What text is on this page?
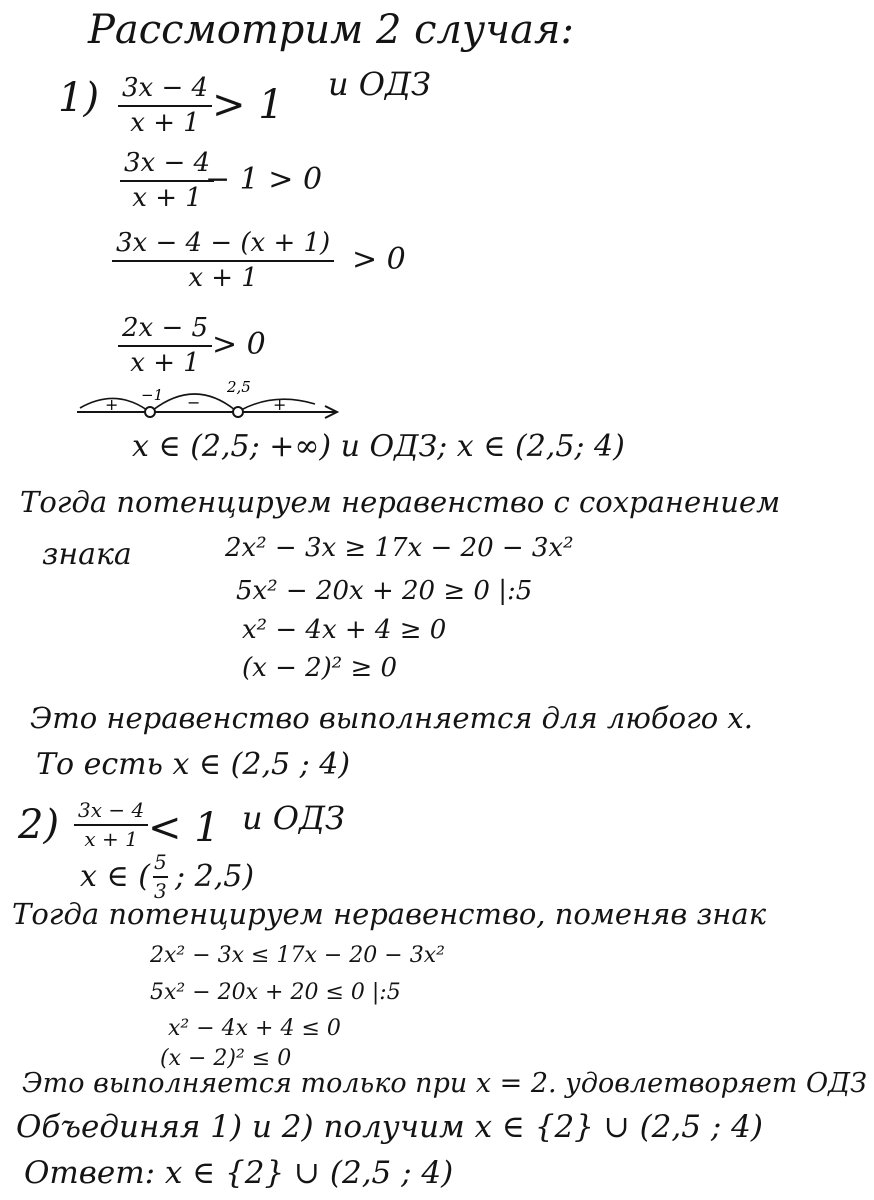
Рассмотрим 2 случая:
1) 3x − 4
x + 1 > 1 и ОДЗ
3x − 4
x + 1
− 1 > 0
3x − 4 − (x + 1)
x + 1
> 0
2x − 5
x + 1
> 0
−1	2,5
+	−	+
x ∈ (2,5; +∞) и ОДЗ; x ∈ (2,5; 4)
Тогда потенцируем неравенство с сохранением
знака	2x² − 3x ≥ 17x − 20 − 3x²
5x² − 20x + 20 ≥ 0 |:5
x² − 4x + 4 ≥ 0
(x − 2)² ≥ 0
Это неравенство выполняется для любого x.
То есть x ∈ (2,5 ; 4)
2) 3x − 4
x + 1 < 1 и ОДЗ
x ∈ ( 5
3 ; 2,5)
Тогда потенцируем неравенство, поменяв знак
2x² − 3x ≤ 17x − 20 − 3x²
5x² − 20x + 20 ≤ 0 |:5
x² − 4x + 4 ≤ 0
(x − 2)² ≤ 0
Это выполняется только при x = 2. удовлетворяет ОДЗ
Объединяя 1) и 2) получим x ∈ {2} ∪ (2,5 ; 4)
Ответ: x ∈ {2} ∪ (2,5 ; 4)
